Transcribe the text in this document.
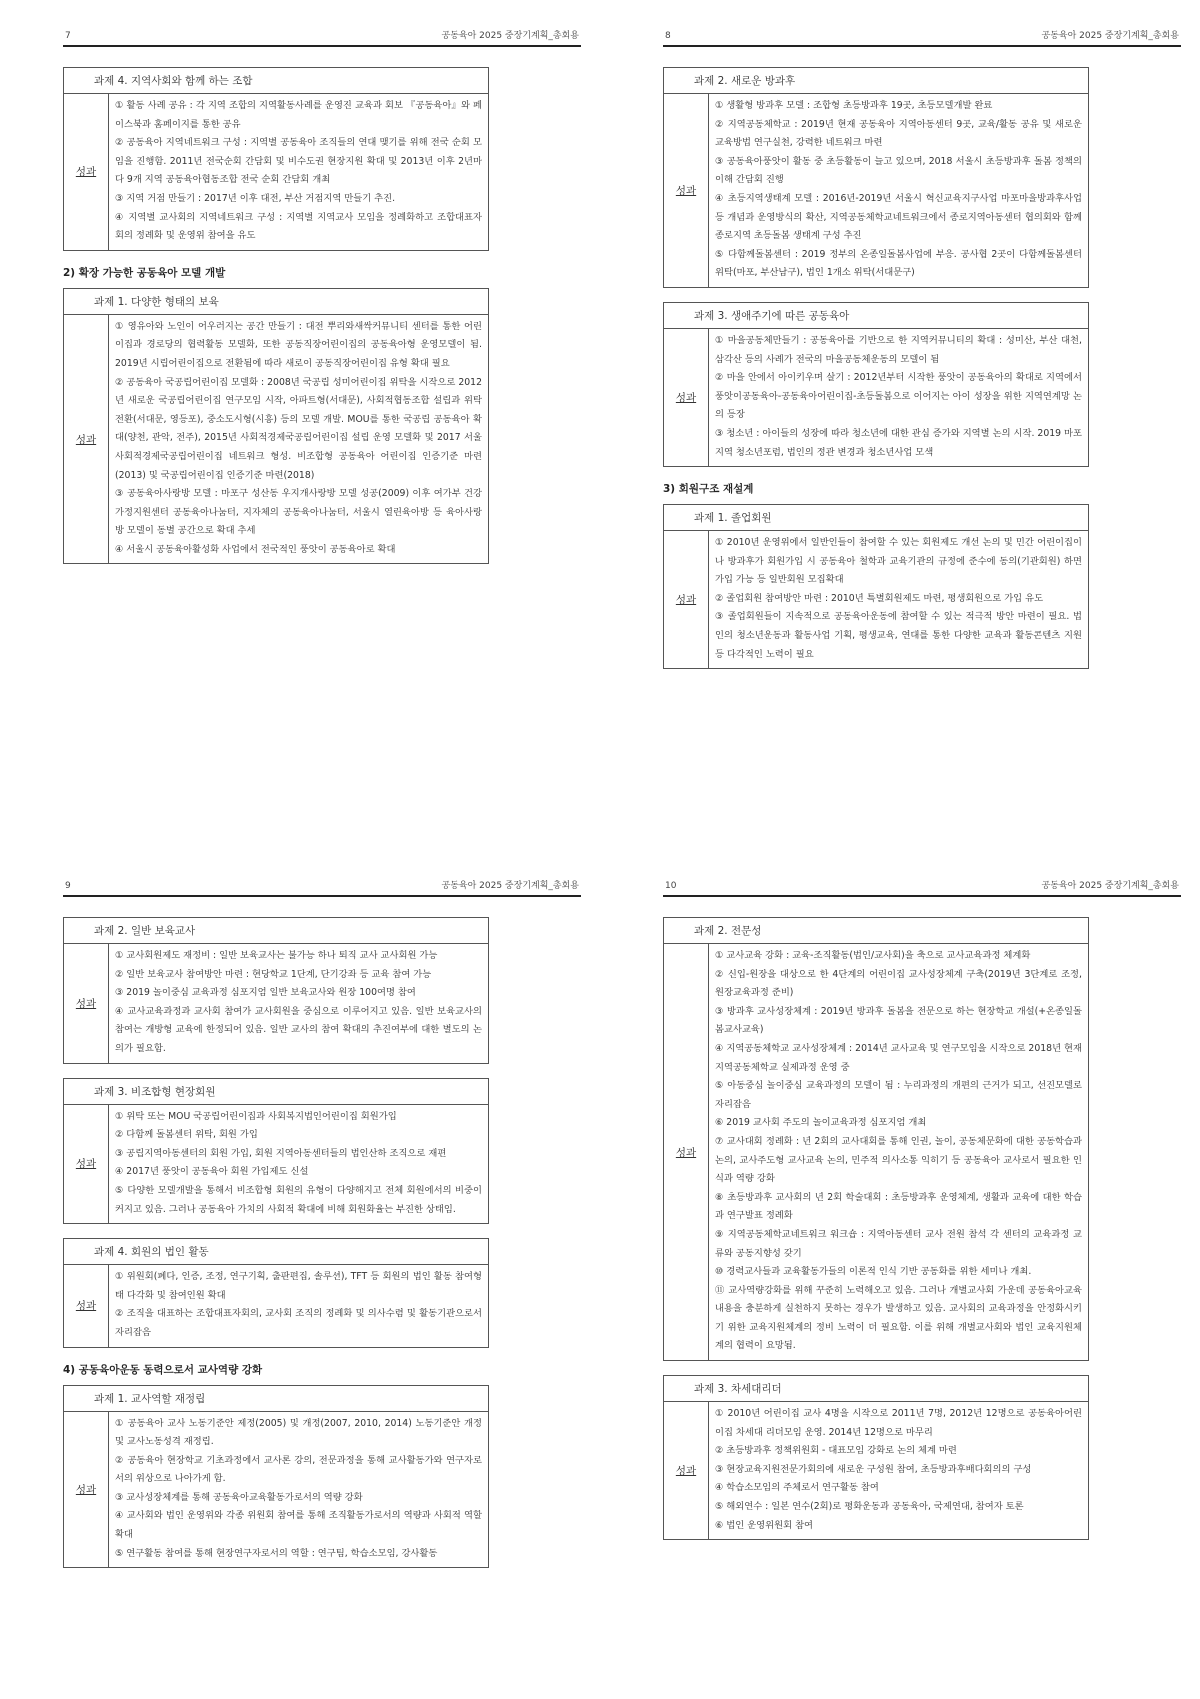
7	공동육아 2025 중장기계획_총회용
과제 4. 지역사회와 함께 하는 조합
성과
① 활동 사례 공유 : 각 지역 조합의 지역활동사례를 운영진 교육과 회보 『공동육아』와 페이스북과 홈페이지를 통한 공유
② 공동육아 지역네트워크 구성 : 지역별 공동육아 조직들의 연대 맺기를 위해 전국 순회 모임을 진행함. 2011년 전국순회 간담회 및 비수도권 현장지원 확대 및 2013년 이후 2년마다 9개 지역 공동육아협동조합 전국 순회 간담회 개최
③ 지역 거점 만들기 : 2017년 이후 대전, 부산 거점지역 만들기 추진.
④ 지역별 교사회의 지역네트워크 구성 : 지역별 지역교사 모임을 정례화하고 조합대표자 회의 정례화 및 운영위 참여을 유도
2) 확장 가능한 공동육아 모델 개발
과제 1. 다양한 형태의 보육
성과
① 영유아와 노인이 어우러지는 공간 만들기 : 대전 뿌리와새싹커뮤니티 센터를 통한 어린이집과 경로당의 협력활동 모델화, 또한 공동직장어린이집의 공동육아형 운영모델이 됨. 2019년 시립어린이집으로 전환됨에 따라 새로이 공동직장어린이집 유형 확대 필요
② 공동육아 국공립어린이집 모델화 : 2008년 국공립 성미어린이집 위탁을 시작으로 2012년 새로운 국공립어린이집 연구모임 시작, 아파트형(서대문), 사회적협동조합 설립과 위탁전환(서대문, 영등포), 중소도시형(시흥) 등의 모델 개발. MOU를 통한 국공립 공동육아 확대(양천, 관악, 전주), 2015년 사회적경제국공립어린이집 설립 운영 모델화 및 2017 서울사회적경제국공립어린이집 네트워크 형성. 비조합형 공동육아 어린이집 인증기준 마련(2013) 및 국공립어린이집 인증기준 마련(2018)
③ 공동육아사랑방 모델 : 마포구 성산동 우지개사랑방 모델 성공(2009) 이후 여가부 건강가정지원센터 공동육아나눔터, 지자체의 공동육아나눔터, 서울시 열린육아방 등 육아사랑방 모델이 동별 공간으로 확대 추세
④ 서울시 공동육아활성화 사업에서 전국적인 풍앗이 공동육아로 확대
8	공동육아 2025 중장기계획_총회용
과제 2. 새로운 방과후
성과
① 생활형 방과후 모델 : 조합형 초등방과후 19곳, 초등모델개발 완료
② 지역공동체학교 : 2019년 현재 공동육아 지역아동센터 9곳, 교육/활동 공유 및 새로운 교육방법 연구실천, 강력한 네트워크 마련
③ 공동육아풍앗이 활동 중 초등활동이 늘고 있으며, 2018 서울시 초등방과후 돌봄 정책의 이해 간담회 진행
④ 초등지역생태계 모델 : 2016년-2019년 서울시 혁신교육지구사업 마포마을방과후사업 등 개념과 운영방식의 확산, 지역공동체학교네트워크에서 종로지역아동센터 협의회와 함께 종로지역 초등돌봄 생태계 구성 추진
⑤ 다함께돌봄센터 : 2019 정부의 온종일돌봄사업에 부응. 공사협 2곳이 다함께돌봄센터 위탁(마포, 부산남구), 법인 1개소 위탁(서대문구)
과제 3. 생애주기에 따른 공동육아
성과
① 마을공동체만들기 : 공동육아를 기반으로 한 지역커뮤니티의 확대 : 성미산, 부산 대천, 삼각산 등의 사례가 전국의 마을공동체운동의 모델이 됨
② 마을 안에서 아이키우며 살기 : 2012년부터 시작한 풍앗이 공동육아의 확대로 지역에서 풍앗이공동육아-공동육아어린이집-초등돌봄으로 이어지는 아이 성장을 위한 지역연계망 논의 등장
③ 청소년 : 아이들의 성장에 따라 청소년에 대한 관심 증가와 지역별 논의 시작. 2019 마포지역 청소년포럼, 법인의 정관 변경과 청소년사업 모색
3) 회원구조 재설계
과제 1. 졸업회원
성과
① 2010년 운영위에서 일반인들이 참여할 수 있는 회원제도 개선 논의 및 민간 어린이집이나 방과후가 회원가입 시 공동육아 철학과 교육기관의 규정에 준수에 동의(기관회원) 하면 가입 가능 등 일반회원 모집확대
② 졸업회원 참여방안 마련 : 2010년 특별회원제도 마련, 평생회원으로 가입 유도
③ 졸업회원들이 지속적으로 공동육아운동에 참여할 수 있는 적극적 방안 마련이 필요. 법인의 청소년운동과 활동사업 기획, 평생교육, 연대를 통한 다양한 교육과 활동콘텐츠 지원 등 다각적인 노력이 필요
9	공동육아 2025 중장기계획_총회용
과제 2. 일반 보육교사
성과
① 교사회원제도 재정비 : 일반 보육교사는 불가능 하나 퇴직 교사 교사회원 가능
② 일반 보육교사 참여방안 마련 : 현당학교 1단계, 단기강좌 등 교육 참여 가능
③ 2019 놀이중심 교육과정 심포지엄 일반 보육교사와 원장 100여명 참여
④ 교사교육과정과 교사회 참여가 교사회원을 중심으로 이루어지고 있음. 일반 보육교사의 참여는 개방형 교육에 한정되어 있음. 일반 교사의 참여 확대의 추진여부에 대한 별도의 논의가 필요함.
과제 3. 비조합형 현장회원
성과
① 위탁 또는 MOU 국공립어린이집과 사회복지법인어린이집 회원가입
② 다함께 돌봄센터 위탁, 회원 가입
③ 공립지역아동센터의 회원 가입, 회원 지역아동센터들의 법인산하 조직으로 재편
④ 2017년 풍앗이 공동육아 회원 가입제도 신설
⑤ 다양한 모델개발을 통해서 비조합형 회원의 유형이 다양해지고 전체 회원에서의 비중이 커지고 있음. 그러나 공동육아 가치의 사회적 확대에 비해 회원화율는 부진한 상태임.
과제 4. 회원의 법인 활동
성과
① 위원회(폐다, 인증, 조정, 연구기획, 출판편집, 솔루션), TFT 등 회원의 법인 활동 참여형태 다각화 및 참여인원 확대
② 조직을 대표하는 조합대표자회의, 교사회 조직의 정례화 및 의사수렴 및 활동기관으로서 자리잡음
4) 공동육아운동 동력으로서 교사역량 강화
과제 1. 교사역할 재정립
성과
① 공동육아 교사 노동기준안 제정(2005) 및 개정(2007, 2010, 2014) 노동기준안 개정 및 교사노동성격 재정립.
② 공동육아 현장학교 기초과정에서 교사론 강의, 전문과정을 통해 교사활동가와 연구자로서의 위상으로 나아가게 함.
③ 교사성장체계를 통해 공동육아교육활동가로서의 역량 강화
④ 교사회와 법인 운영위와 각종 위원회 참여를 통해 조직활동가로서의 역량과 사회적 역할 확대
⑤ 연구활동 참여를 통해 현장연구자로서의 역할 : 연구팀, 학습소모임, 강사활동
10	공동육아 2025 중장기계획_총회용
과제 2. 전문성
성과
① 교사교육 강화 : 교육-조직활동(법인/교사회)을 축으로 교사교육과정 체계화
② 신입-원장을 대상으로 한 4단계의 어린이집 교사성장체계 구축(2019년 3단계로 조정, 원장교육과정 준비)
③ 방과후 교사성장체계 : 2019년 방과후 돌봄을 전문으로 하는 현장학교 개설(+온종일돌봄교사교육)
④ 지역공동체학교 교사성장체계 : 2014년 교사교육 및 연구모임을 시작으로 2018년 현재 지역공동체학교 실제과정 운영 중
⑤ 아동중심 놀이중심 교육과정의 모델이 됨 : 누리과정의 개편의 근거가 되고, 선진모델로 자리잡음
⑥ 2019 교사회 주도의 놀이교육과정 심포지엄 개최
⑦ 교사대회 정례화 : 년 2회의 교사대회를 통해 인권, 놀이, 공동체문화에 대한 공동학습과 논의, 교사주도형 교사교육 논의, 민주적 의사소통 익히기 등 공동육아 교사로서 필요한 인식과 역량 강화
⑧ 초등방과후 교사회의 년 2회 학술대회 : 초등방과후 운영체계, 생활과 교육에 대한 학습과 연구발표 정례화
⑨ 지역공동체학교네트워크 워크숍 : 지역아동센터 교사 전원 참석 각 센터의 교육과정 교류와 공동지향성 갖기
⑩ 경력교사들과 교육활동가들의 이론적 인식 기반 공동화를 위한 세미나 개최.
⑪ 교사역량강화를 위해 꾸준히 노력해오고 있음. 그러나 개별교사회 가운데 공동육아교육내용을 충분하게 실천하지 못하는 경우가 발생하고 있음. 교사회의 교육과정을 안정화시키기 위한 교육지원체계의 정비 노력이 더 필요함. 이를 위해 개별교사회와 법인 교육지원체계의 협력이 요망됨.
과제 3. 차세대리더
성과
① 2010년 어린이집 교사 4명을 시작으로 2011년 7명, 2012년 12명으로 공동육아어린이집 차세대 리더모임 운영. 2014년 12명으로 마무리
② 초등방과후 정책위원회 - 대표모임 강화로 논의 체계 마련
③ 현장교육지원전문가회의에 새로운 구성원 참여, 초등방과후배다회의의 구성
④ 학습소모임의 주체로서 연구활동 참여
⑤ 해외연수 : 일본 연수(2회)로 평화운동과 공동육아, 국제연대, 참여자 토론
⑥ 법인 운영위원회 참여
